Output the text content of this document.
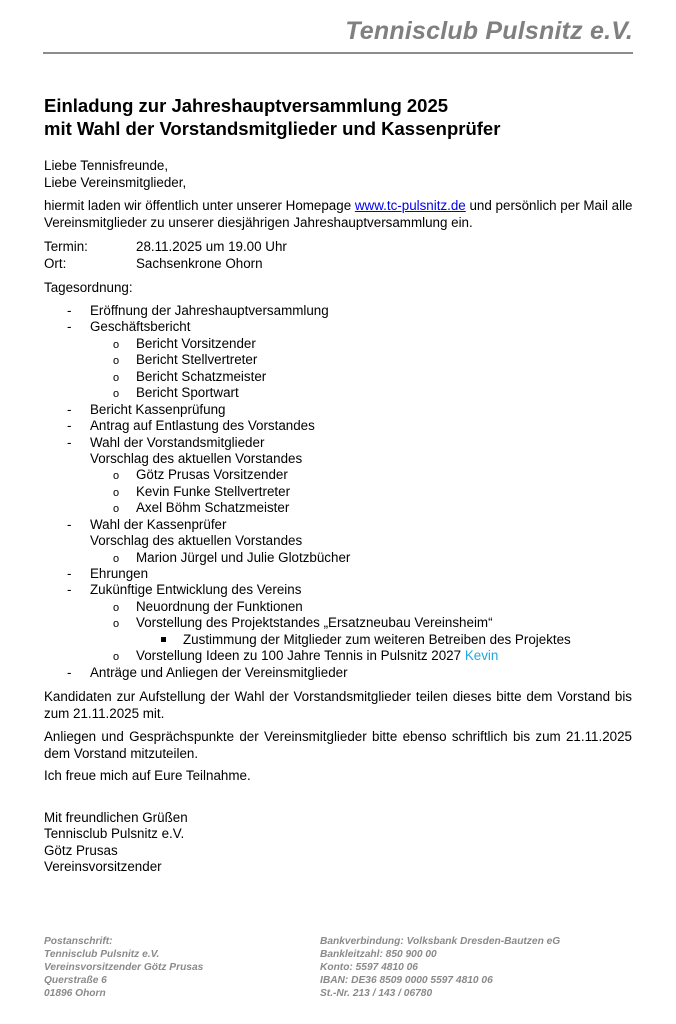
Tennisclub Pulsnitz e.V.
Einladung zur Jahreshauptversammlung 2025
mit Wahl der Vorstandsmitglieder und Kassenprüfer
Liebe Tennisfreunde,
Liebe Vereinsmitglieder,
hiermit laden wir öffentlich unter unserer Homepage www.tc-pulsnitz.de und persönlich per Mail alle Vereinsmitglieder zu unserer diesjährigen Jahreshauptversammlung ein.
Termin:	28.11.2025 um 19.00 Uhr
Ort:	Sachsenkrone Ohorn
Tagesordnung:
- Eröffnung der Jahreshauptversammlung
- Geschäftsbericht
o Bericht Vorsitzender
o Bericht Stellvertreter
o Bericht Schatzmeister
o Bericht Sportwart
- Bericht Kassenprüfung
- Antrag auf Entlastung des Vorstandes
- Wahl der Vorstandsmitglieder
Vorschlag des aktuellen Vorstandes
o Götz Prusas Vorsitzender
o Kevin Funke Stellvertreter
o Axel Böhm Schatzmeister
- Wahl der Kassenprüfer
Vorschlag des aktuellen Vorstandes
o Marion Jürgel und Julie Glotzbücher
- Ehrungen
- Zukünftige Entwicklung des Vereins
o Neuordnung der Funktionen
o Vorstellung des Projektstandes „Ersatzneubau Vereinsheim“
Zustimmung der Mitglieder zum weiteren Betreiben des Projektes
o Vorstellung Ideen zu 100 Jahre Tennis in Pulsnitz 2027 Kevin
- Anträge und Anliegen der Vereinsmitglieder
Kandidaten zur Aufstellung der Wahl der Vorstandsmitglieder teilen dieses bitte dem Vorstand bis zum 21.11.2025 mit.
Anliegen und Gesprächspunkte der Vereinsmitglieder bitte ebenso schriftlich bis zum 21.11.2025 dem Vorstand mitzuteilen.
Ich freue mich auf Eure Teilnahme.
Mit freundlichen Grüßen
Tennisclub Pulsnitz e.V.
Götz Prusas
Vereinsvorsitzender
Postanschrift:
Tennisclub Pulsnitz e.V.
Vereinsvorsitzender Götz Prusas
Querstraße 6
01896 Ohorn
Bankverbindung: Volksbank Dresden-Bautzen eG
Bankleitzahl: 850 900 00
Konto: 5597 4810 06
IBAN: DE36 8509 0000 5597 4810 06
St.-Nr. 213 / 143 / 06780
